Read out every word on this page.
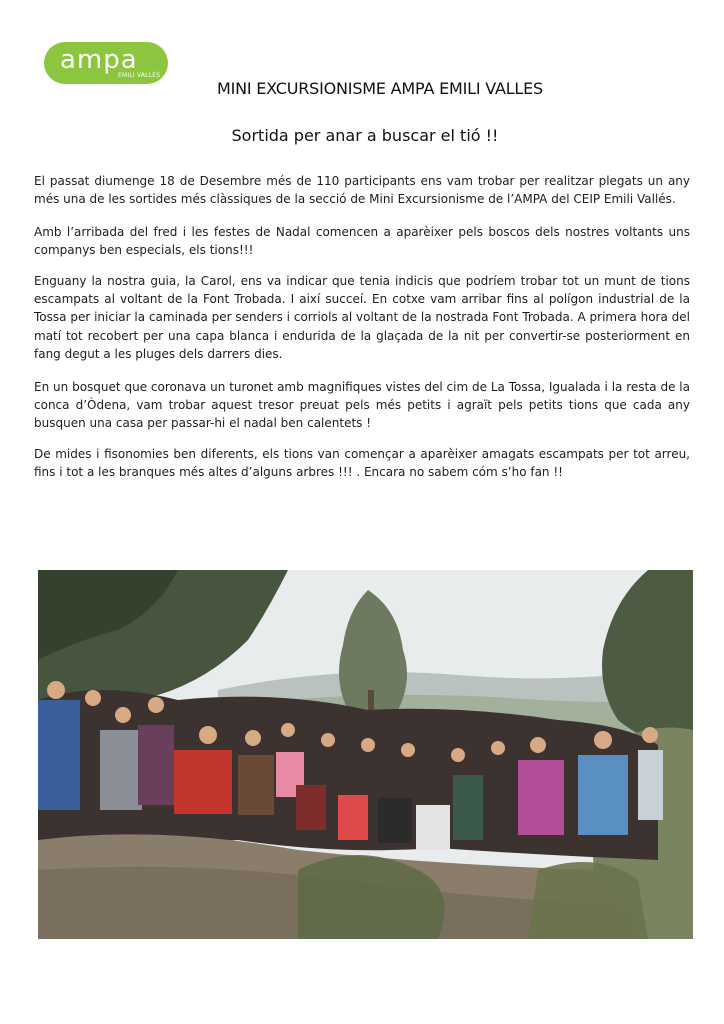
ampa
EMILI VALLÉS
MINI EXCURSIONISME AMPA EMILI VALLES
Sortida per anar a buscar el tió !!

El passat diumenge 18 de Desembre més de 110 participants ens vam trobar per realitzar plegats un any més una de les sortides més clàssiques de la secció de Mini Excursionisme de l’AMPA del CEIP Emili Vallés.

Amb l’arribada del fred i les festes de Nadal comencen a aparèixer pels boscos dels nostres voltants uns companys ben especials, els tions!!!

Enguany la nostra guia, la Carol, ens va indicar que tenia indicis que podríem trobar tot un munt de tions escampats al voltant de la Font Trobada. I així succeí. En cotxe vam arribar fins al polígon industrial de la Tossa per iniciar la caminada per senders i corriols al voltant de la nostrada Font Trobada. A primera hora del matí tot recobert per una capa blanca i endurida de la glaçada de la nit per convertir-se posteriorment en fang degut a les pluges dels darrers dies.

En un bosquet que coronava un turonet amb magnifiques vistes del cim de La Tossa, Igualada i la resta de la conca d’Òdena, vam trobar aquest tresor preuat pels més petits i agraït pels petits tions que cada any busquen una casa per passar-hi el nadal ben calentets !

De mides i fisonomies ben diferents, els tions van començar a aparèixer amagats escampats per tot arreu, fins i tot a les branques més altes d’alguns arbres !!! . Encara no sabem cóm s’ho fan !!
